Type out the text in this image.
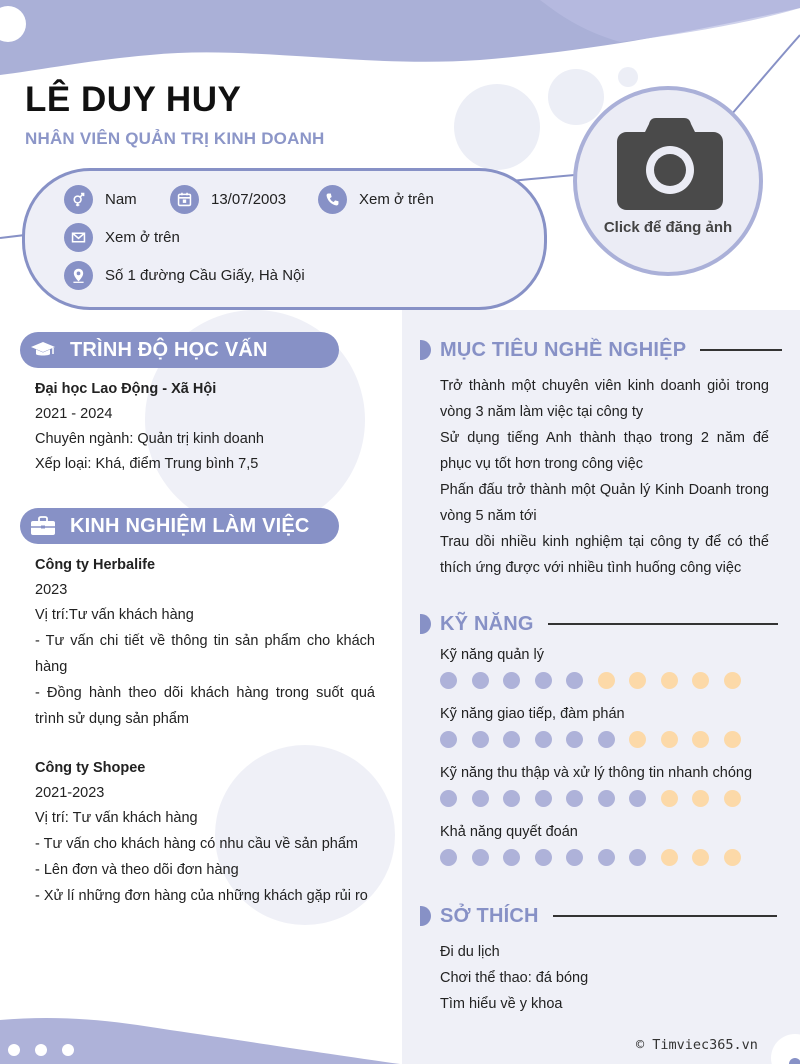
LÊ DUY HUY
NHÂN VIÊN QUẢN TRỊ KINH DOANH
Nam	13/07/2003	Xem ở trên
Xem ở trên
Số 1 đường Cầu Giấy, Hà Nội
Click để đăng ảnh
TRÌNH ĐỘ HỌC VẤN
Đại học Lao Động - Xã Hội
2021 - 2024
Chuyên ngành: Quản trị kinh doanh
Xếp loại: Khá, điểm Trung bình 7,5
KINH NGHIỆM LÀM VIỆC
Công ty Herbalife
2023
Vị trí:Tư vấn khách hàng
- Tư vấn chi tiết về thông tin sản phẩm cho khách hàng
- Đồng hành theo dõi khách hàng trong suốt quá trình sử dụng sản phẩm
Công ty Shopee
2021-2023
Vị trí: Tư vấn khách hàng
- Tư vấn cho khách hàng có nhu cầu về sản phẩm
- Lên đơn và theo dõi đơn hàng
- Xử lí những đơn hàng của những khách gặp rủi ro
MỤC TIÊU NGHỀ NGHIỆP
Trở thành một chuyên viên kinh doanh giỏi trong vòng 3 năm làm việc tại công ty
Sử dụng tiếng Anh thành thạo trong 2 năm để phục vụ tốt hơn trong công việc
Phấn đấu trở thành một Quản lý Kinh Doanh trong vòng 5 năm tới
Trau dồi nhiều kinh nghiệm tại công ty để có thể thích ứng được với nhiều tình huống công việc
KỸ NĂNG
Kỹ năng quản lý
Kỹ năng giao tiếp, đàm phán
Kỹ năng thu thập và xử lý thông tin nhanh chóng
Khả năng quyết đoán
SỞ THÍCH
Đi du lịch
Chơi thể thao: đá bóng
Tìm hiểu về y khoa
© Timviec365.vn
